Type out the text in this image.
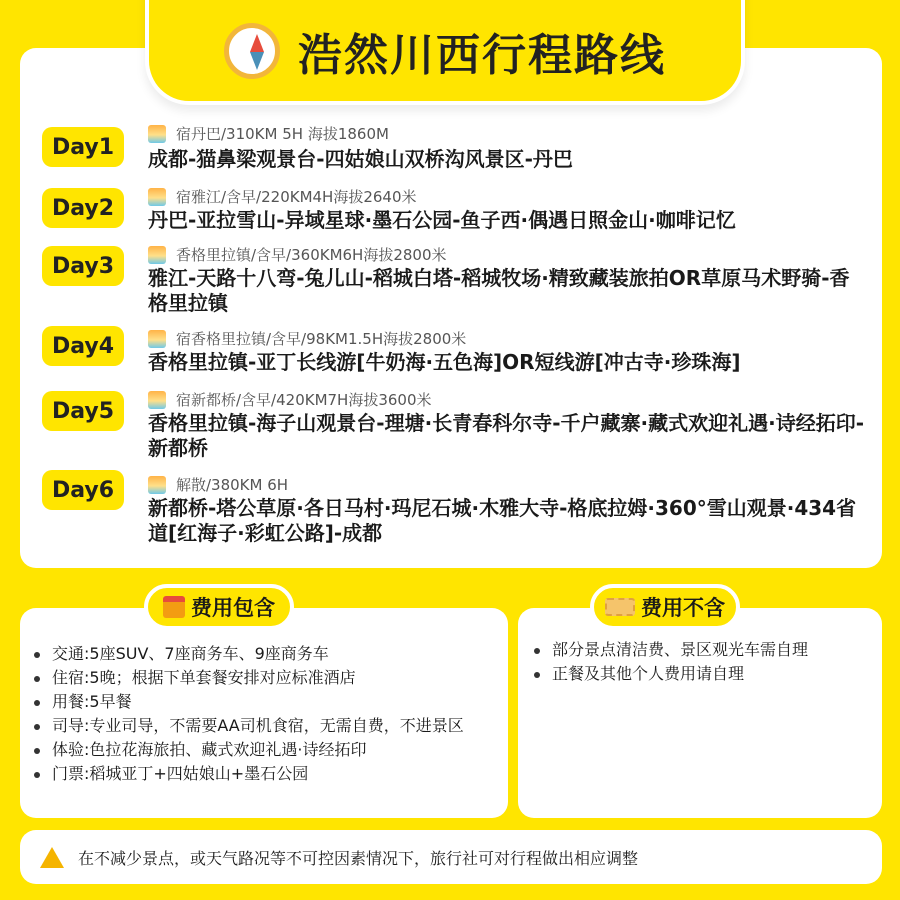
浩然川西行程路线
Day1
宿丹巴/310KM 5H 海拔1860M
成都-猫鼻梁观景台-四姑娘山双桥沟风景区-丹巴
Day2	宿雅江/含早/220KM4H海拔2640米
丹巴-亚拉雪山-异域星球·墨石公园-鱼子西·偶遇日照金山·咖啡记忆
Day3	香格里拉镇/含早/360KM6H海拔2800米
雅江-天路十八弯-兔儿山-稻城白塔-稻城牧场·精致藏装旅拍OR草原马术野骑-香格里拉镇
Day4	宿香格里拉镇/含早/98KM1.5H海拔2800米
香格里拉镇-亚丁长线游[牛奶海·五色海]OR短线游[冲古寺·珍珠海]
Day5	宿新都桥/含早/420KM7H海拔3600米
香格里拉镇-海子山观景台-理塘·长青春科尔寺-千户藏寨·藏式欢迎礼遇·诗经拓印-新都桥
Day6	解散/380KM 6H
新都桥-塔公草原·各日马村·玛尼石城·木雅大寺-格底拉姆·360°雪山观景·434省道[红海子·彩虹公路]-成都
费用包含
交通:5座SUV、7座商务车、9座商务车
住宿:5晚；根据下单套餐安排对应标准酒店
用餐:5早餐
司导:专业司导，不需要AA司机食宿，无需自费，不进景区
体验:色拉花海旅拍、藏式欢迎礼遇·诗经拓印
门票:稻城亚丁+四姑娘山+墨石公园
费用不含
部分景点清洁费、景区观光车需自理
正餐及其他个人费用请自理
在不减少景点，或天气路况等不可控因素情况下，旅行社可对行程做出相应调整
